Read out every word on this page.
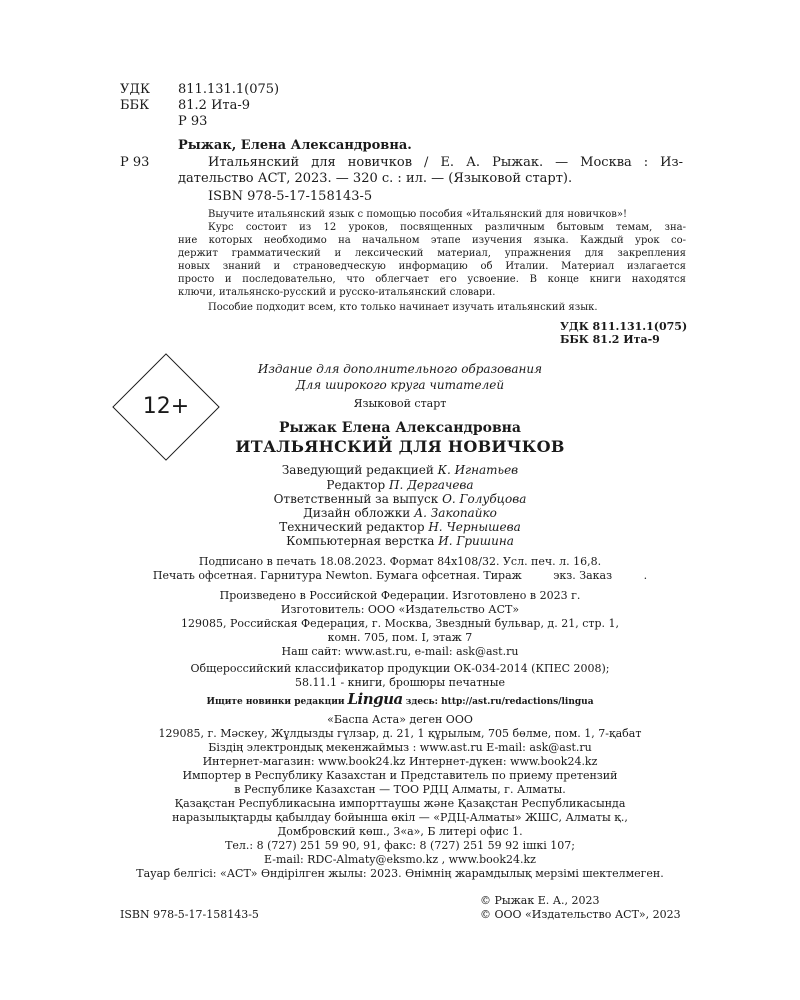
УДК 811.131.1(075)
ББК 81.2 Ита-9
Р 93
Рыжак, Елена Александровна.
Р 93	Итальянский для новичков / Е. А. Рыжак. — Москва : Из-
дательство АСТ, 2023. — 320 с. : ил. — (Языковой старт).
ISBN 978-5-17-158143-5
Выучите итальянский язык с помощью пособия «Итальянский для новичков»!
Курс состоит из 12 уроков, посвященных различным бытовым темам, зна-
ние которых необходимо на начальном этапе изучения языка. Каждый урок со-
держит грамматический и лексический материал, упражнения для закрепления
новых знаний и страноведческую информацию об Италии. Материал излагается
просто и последовательно, что облегчает его усвоение. В конце книги находятся
ключи, итальянско-русский и русско-итальянский словари.
Пособие подходит всем, кто только начинает изучать итальянский язык.
УДК 811.131.1(075)
ББК 81.2 Ита-9
Издание для дополнительного образования
Для широкого круга читателей
Языковой старт
12+
Рыжак Елена Александровна
ИТАЛЬЯНСКИЙ ДЛЯ НОВИЧКОВ
Заведующий редакцией К. Игнатьев
Редактор П. Дергачева
Ответственный за выпуск О. Голубцова
Дизайн обложки А. Закопайко
Технический редактор Н. Чернышева
Компьютерная верстка И. Гришина
Подписано в печать 18.08.2023. Формат 84х108/32. Усл. печ. л. 16,8.
Печать офсетная. Гарнитура Newton. Бумага офсетная. Тираж         экз. Заказ         .
Произведено в Российской Федерации. Изготовлено в 2023 г.
Изготовитель: ООО «Издательство АСТ»
129085, Российская Федерация, г. Москва, Звездный бульвар, д. 21, стр. 1,
комн. 705, пом. I, этаж 7
Наш сайт: www.ast.ru, e-mail: ask@ast.ru
Общероссийский классификатор продукции ОК-034-2014 (КПЕС 2008);
58.11.1 - книги, брошюры печатные
Ищите новинки редакции Lingua здесь: http://ast.ru/redactions/lingua
«Баспа Аста» деген ООО
129085, г. Мәскеу, Жұлдызды гүлзар, д. 21, 1 құрылым, 705 бөлме, пом. 1, 7-қабат
Біздің электрондық мекенжаймыз : www.ast.ru E-mail: ask@ast.ru
Интернет-магазин: www.book24.kz Интернет-дүкен: www.book24.kz
Импортер в Республику Казахстан и Представитель по приему претензий
в Республике Казахстан — ТОО РДЦ Алматы, г. Алматы.
Қазақстан Республикасына импорттаушы және Қазақстан Республикасында
наразылықтарды қабылдау бойынша өкіл — «РДЦ-Алматы» ЖШС, Алматы қ.,
Домбровский көш., 3«а», Б литері офис 1.
Тел.: 8 (727) 251 59 90, 91, факс: 8 (727) 251 59 92 ішкі 107;
E-mail: RDC-Almaty@eksmo.kz , www.book24.kz
Тауар белгісі: «АСТ» Өндірілген жылы: 2023. Өнімнің жарамдылық мерзімі шектелмеген.
© Рыжак Е. А., 2023
ISBN 978-5-17-158143-5	© ООО «Издательство АСТ», 2023
